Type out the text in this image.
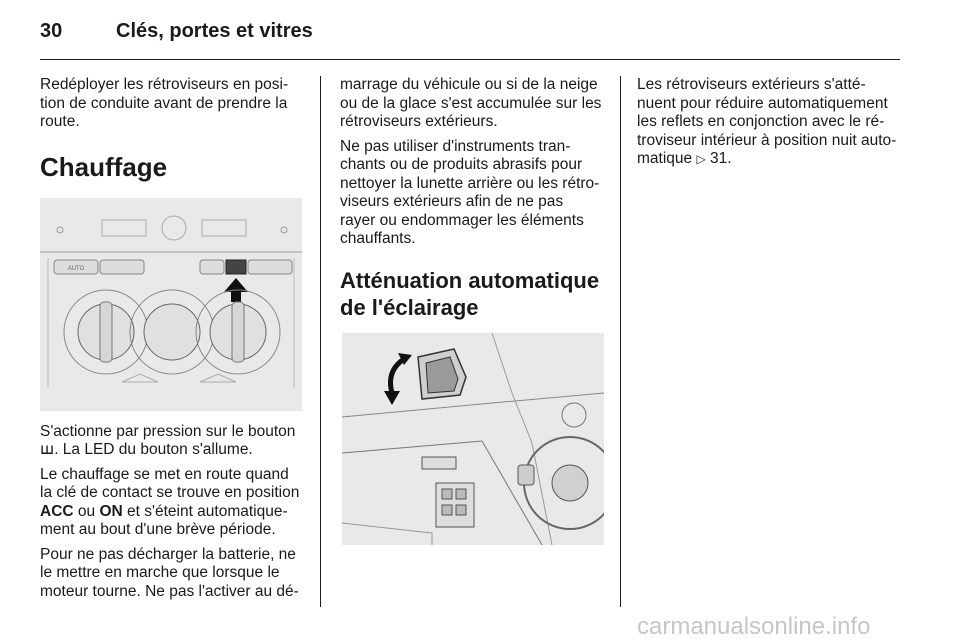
30	Clés, portes et vitres
Redéployer les rétroviseurs en posi-
tion de conduite avant de prendre la
route.
Chauffage
AUTO
S'actionne par pression sur le bouton
ꟺ. La LED du bouton s'allume.
Le chauffage se met en route quand
la clé de contact se trouve en position
ACC ou ON et s'éteint automatique-
ment au bout d'une brève période.
Pour ne pas décharger la batterie, ne
le mettre en marche que lorsque le
moteur tourne. Ne pas l'activer au dé-
marrage du véhicule ou si de la neige
ou de la glace s'est accumulée sur les
rétroviseurs extérieurs.
Ne pas utiliser d'instruments tran-
chants ou de produits abrasifs pour
nettoyer la lunette arrière ou les rétro-
viseurs extérieurs afin de ne pas
rayer ou endommager les éléments
chauffants.
Atténuation automatique
de l'éclairage
Les rétroviseurs extérieurs s'atté-
nuent pour réduire automatiquement
les reflets en conjonction avec le ré-
troviseur intérieur à position nuit auto-
matique ▷ 31.
carmanualsonline.info
